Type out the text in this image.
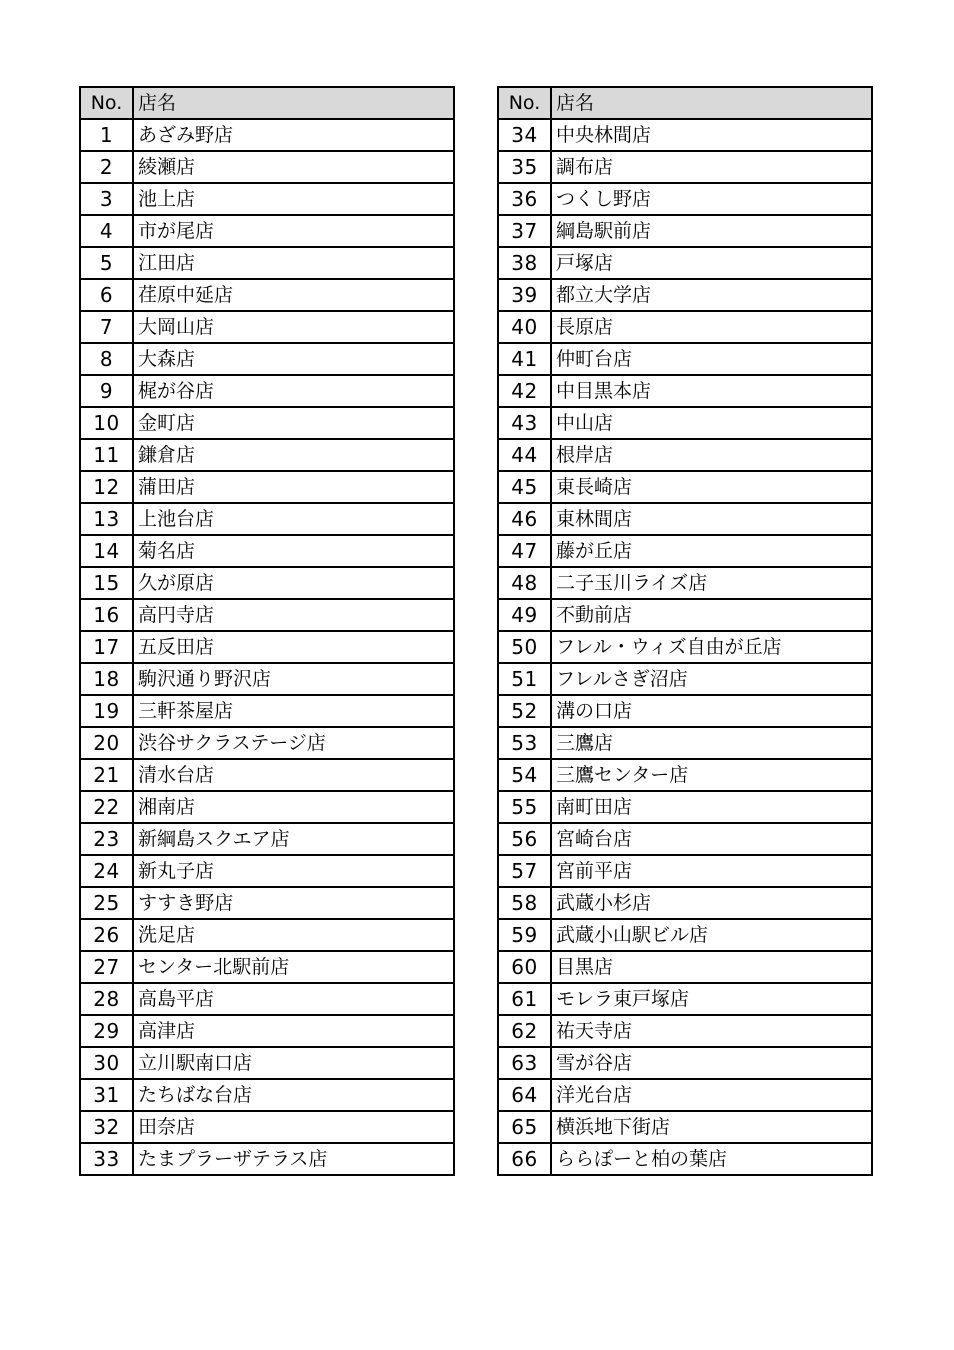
No.	店名
1	あざみ野店
2	綾瀬店
3	池上店
4	市が尾店
5	江田店
6	荏原中延店
7	大岡山店
8	大森店
9	梶が谷店
10	金町店
11	鎌倉店
12	蒲田店
13	上池台店
14	菊名店
15	久が原店
16	高円寺店
17	五反田店
18	駒沢通り野沢店
19	三軒茶屋店
20	渋谷サクラステージ店
21	清水台店
22	湘南店
23	新綱島スクエア店
24	新丸子店
25	すすき野店
26	洗足店
27	センター北駅前店
28	高島平店
29	高津店
30	立川駅南口店
31	たちばな台店
32	田奈店
33	たまプラーザテラス店
No.	店名
34	中央林間店
35	調布店
36	つくし野店
37	綱島駅前店
38	戸塚店
39	都立大学店
40	長原店
41	仲町台店
42	中目黒本店
43	中山店
44	根岸店
45	東長崎店
46	東林間店
47	藤が丘店
48	二子玉川ライズ店
49	不動前店
50	フレル・ウィズ自由が丘店
51	フレルさぎ沼店
52	溝の口店
53	三鷹店
54	三鷹センター店
55	南町田店
56	宮崎台店
57	宮前平店
58	武蔵小杉店
59	武蔵小山駅ビル店
60	目黒店
61	モレラ東戸塚店
62	祐天寺店
63	雪が谷店
64	洋光台店
65	横浜地下街店
66	ららぽーと柏の葉店
